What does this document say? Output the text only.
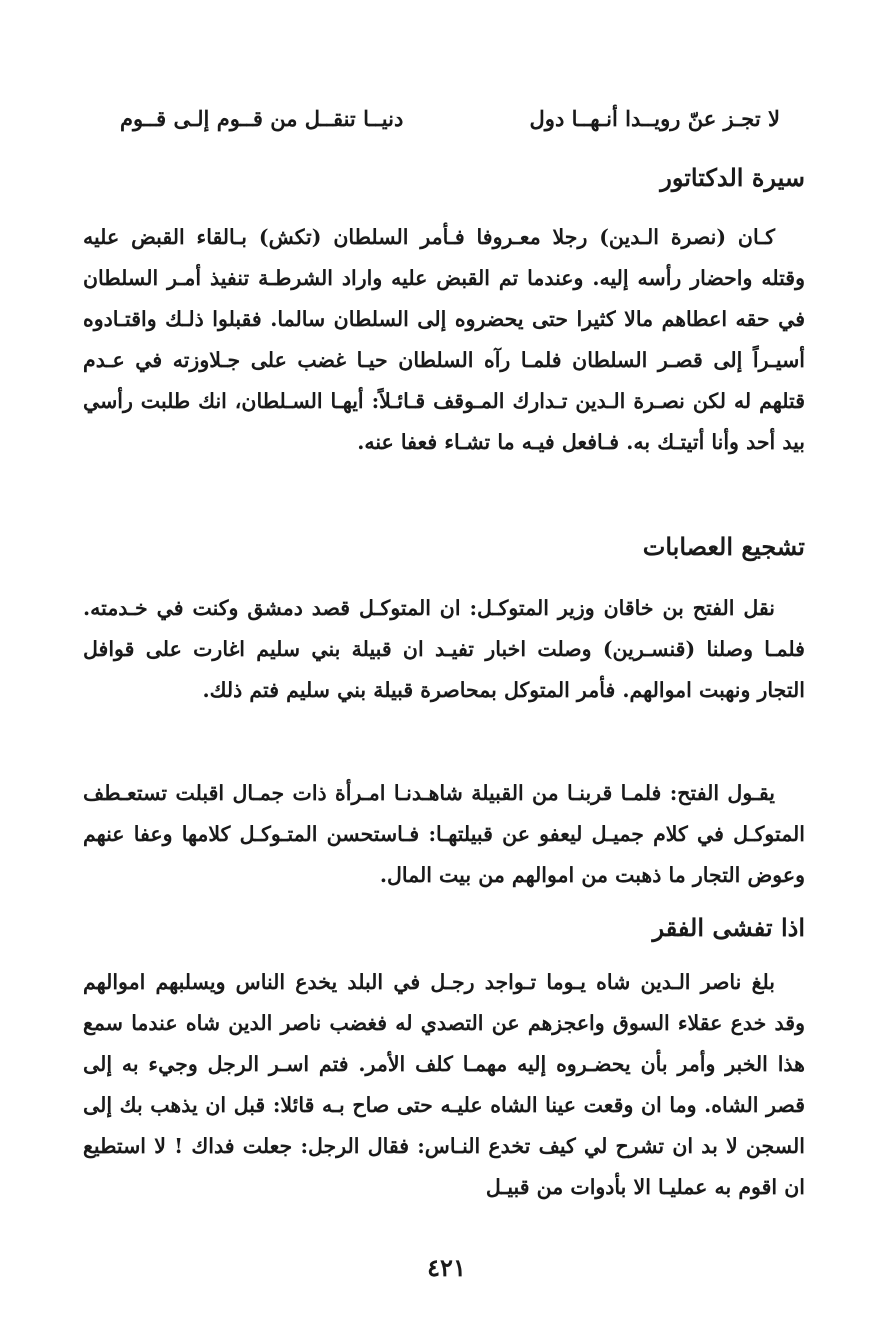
لا تجـز عنّ رويــدا أنـهــا دول
دنيــا تنقــل من قــوم إلـى قــوم
سيرة الدكتاتور
كـان (نصرة الـدين) رجلا معـروفا فـأمر السلطان (تكش) بـالقاء القبض عليه وقتله واحضار رأسه إليه. وعندما تم القبض عليه واراد الشرطـة تنفيذ أمـر السلطان في حقه اعطاهم مالا كثيرا حتى يحضروه إلى السلطان سالما. فقبلوا ذلـك واقتـادوه أسيـراً إلى قصـر السلطان فلمـا رآه السلطان حيـا غضب على جـلاوزته في عـدم قتلهم له لكن نصـرة الـدين تـدارك المـوقف قـائـلاً: أيهـا السـلطان، انك طلبت رأسي بيد أحد وأنا أتيتـك به. فـافعل فيـه ما تشـاء فعفا عنه.
تشجيع العصابات
نقل الفتح بن خاقان وزير المتوكـل: ان المتوكـل قصد دمشق وكنت في خـدمته. فلمـا وصلنا (قنسـرين) وصلت اخبار تفيـد ان قبيلة بني سليم اغارت على قوافل التجار ونهبت اموالهم. فأمر المتوكل بمحاصرة قبيلة بني سليم فتم ذلك.
يقـول الفتح: فلمـا قربنـا من القبيلة شاهـدنـا امـرأة ذات جمـال اقبلت تستعـطف المتوكـل في كلام جميـل ليعفو عن قبيلتهـا: فـاستحسن المتـوكـل كلامها وعفا عنهم وعوض التجار ما ذهبت من اموالهم من بيت المال.
اذا تفشى الفقر
بلغ ناصر الـدين شاه يـوما تـواجد رجـل في البلد يخدع الناس ويسلبهم اموالهم وقد خدع عقلاء السوق واعجزهم عن التصدي له فغضب ناصر الدين شاه عندما سمع هذا الخبر وأمر بأن يحضـروه إليه مهمـا كلف الأمر. فتم اسـر الرجل وجيء به إلى قصر الشاه. وما ان وقعت عينا الشاه عليـه حتى صاح بـه قائلا: قبل ان يذهب بك إلى السجن لا بد ان تشرح لي كيف تخدع النـاس: فقال الرجل: جعلت فداك ! لا استطيع ان اقوم به عمليـا الا بأدوات من قبيـل
٤٢١
